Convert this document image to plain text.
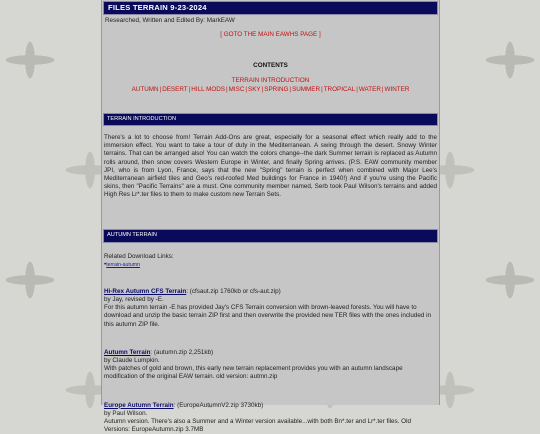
FILES TERRAIN 9-23-2024
Researched, Written and Edited By: MarkEAW
[ GOTO THE MAIN EAWHS PAGE ]
CONTENTS
TERRAIN INTRODUCTION
AUTUMN|DESERT|HILL MODS|MISC|SKY|SPRING|SUMMER|TROPICAL|WATER|WINTER
TERRAIN INTRODUCTION
There's a lot to choose from! Terrain Add-Ons are great, especially for a seasonal effect which really add to the immersion effect. You want to take a tour of duty in the Mediterranean. A swing through the desert. Snowy Winter terrains. That can be arranged also! You can watch the colors change--the dark Summer terrain is replaced as Autumn rolls around, then snow covers Western Europe in Winter, and finally Spring arrives. (P.S. EAW community member JPI, who is from Lyon, France, says that the new "Spring" terrain is perfect when combined with Major Lee's Mediterranean airfield tiles and Geo's red-roofed Med buildings for France in 1940!) And if you're using the Pacific skins, then "Pacific Terrains" are a must. One community member named, Serb took Paul Wilson's terrains and added High Res Lr*.ter files to them to make custom new Terrain Sets.
AUTUMN TERRAIN
Related Download Links:
•terrain-autumn
Hi-Rex Autumn CFS Terrain: (cfsaut.zip 1760kb or cfs-aut.zip)
by Jay, revised by -E.
For this autumn terrain -E has provided Jay's CFS Terrain conversion with brown-leaved forests. You will have to download and unzip the basic terrain ZIP first and then overwrite the provided new TER files with the ones included in this autumn ZIP file.
Autumn Terrain: (autumn.zip 2,251kb)
by Claude Lumpkin.
With patches of gold and brown, this early new terrain replacement provides you with an autumn landscape modification of the original EAW terrain. old version: autmn.zip
Europe Autumn Terrain: (EuropeAutumnV2.zip 3730kb)
by Paul Wilson.
Autumn version. There's also a Summer and a Winter version available...with both Bn*.ter and Lr*.ter files. Old Versions: EuropeAutumn.zip 3.7MB
